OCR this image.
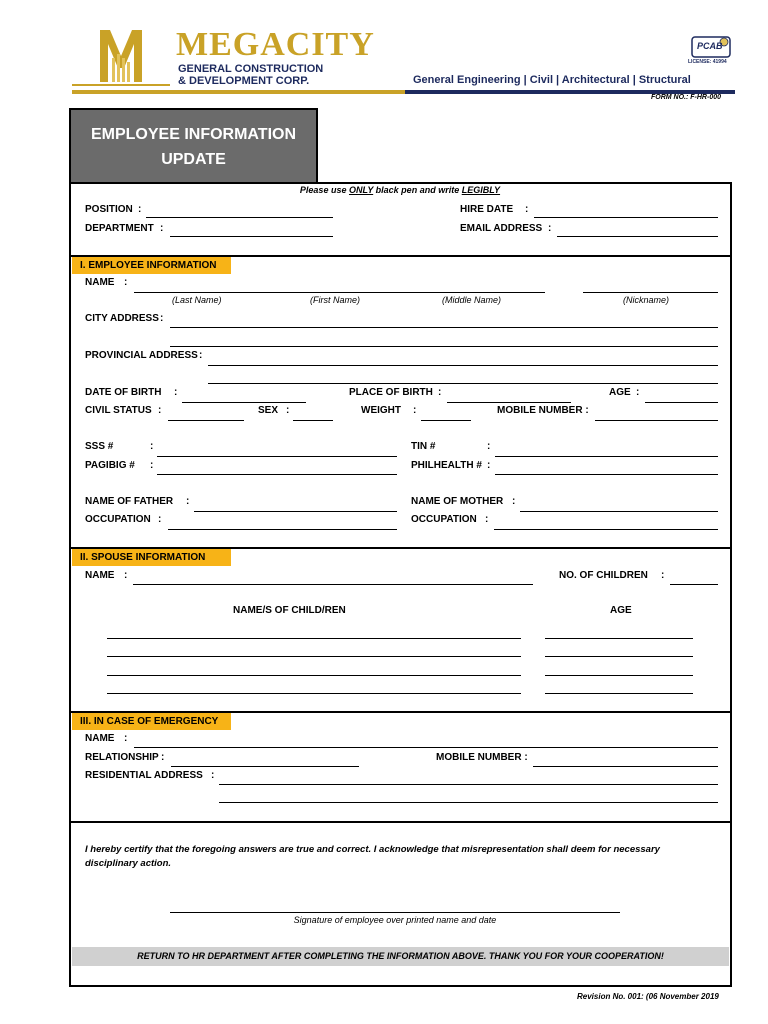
MEGACITY
GENERAL CONSTRUCTION
& DEVELOPMENT CORP.
PCAB
LICENSE: 41994
General Engineering | Civil | Architectural | Structural
FORM NO.: F-HR-000
EMPLOYEE INFORMATION
UPDATE
Please use ONLY black pen and write LEGIBLY
POSITION :	HIRE DATE :
DEPARTMENT :	EMAIL ADDRESS :
I. EMPLOYEE INFORMATION
NAME :
(Last Name)	(First Name)	(Middle Name)	(Nickname)
CITY ADDRESS :
PROVINCIAL ADDRESS :
DATE OF BIRTH :	PLACE OF BIRTH :	AGE :
CIVIL STATUS :	SEX :	WEIGHT :	MOBILE NUMBER :
SSS #	:	TIN #	:
PAGIBIG # :	PHILHEALTH # :
NAME OF FATHER :	NAME OF MOTHER :
OCCUPATION :	OCCUPATION :
II. SPOUSE INFORMATION
NAME :	NO. OF CHILDREN :
NAME/S OF CHILD/REN	AGE
III. IN CASE OF EMERGENCY
NAME :
RELATIONSHIP :	MOBILE NUMBER :
RESIDENTIAL ADDRESS :
I hereby certify that the foregoing answers are true and correct. I acknowledge that misrepresentation shall deem for necessary disciplinary action.
Signature of employee over printed name and date
RETURN TO HR DEPARTMENT AFTER COMPLETING THE INFORMATION ABOVE. THANK YOU FOR YOUR COOPERATION!
Revision No. 001: (06 November 2019
